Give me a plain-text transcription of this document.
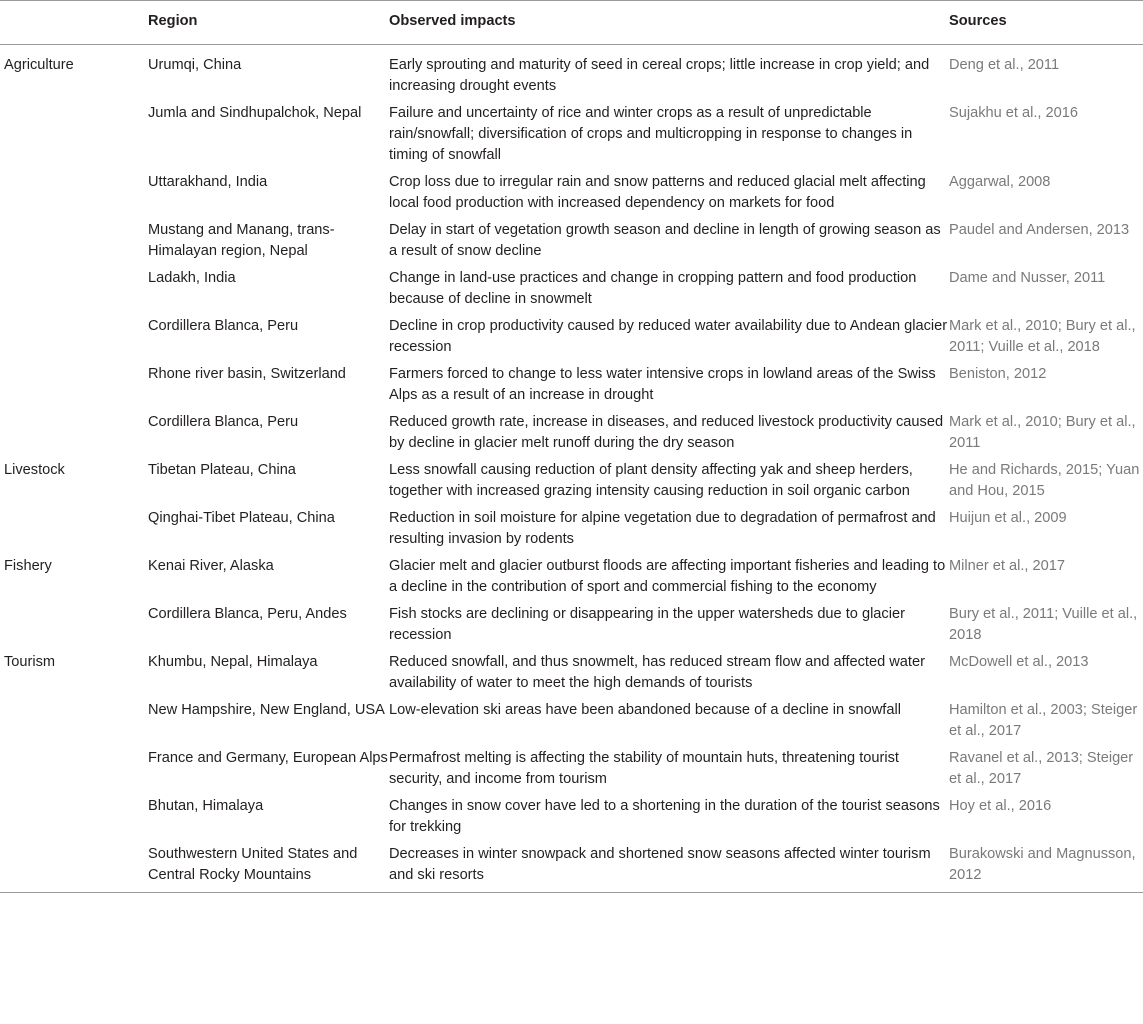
	Region	Observed impacts	Sources
Agriculture	Urumqi, China	Early sprouting and maturity of seed in cereal crops; little increase in crop yield; and increasing drought events	Deng et al., 2011
	Jumla and Sindhupalchok, Nepal	Failure and uncertainty of rice and winter crops as a result of unpredictable rain/snowfall; diversification of crops and multicropping in response to changes in timing of snowfall	Sujakhu et al., 2016
	Uttarakhand, India	Crop loss due to irregular rain and snow patterns and reduced glacial melt affecting local food production with increased dependency on markets for food	Aggarwal, 2008
	Mustang and Manang, trans-Himalayan region, Nepal	Delay in start of vegetation growth season and decline in length of growing season as a result of snow decline	Paudel and Andersen, 2013
	Ladakh, India	Change in land-use practices and change in cropping pattern and food production because of decline in snowmelt	Dame and Nusser, 2011
	Cordillera Blanca, Peru	Decline in crop productivity caused by reduced water availability due to Andean glacier recession	Mark et al., 2010; Bury et al., 2011; Vuille et al., 2018
	Rhone river basin, Switzerland	Farmers forced to change to less water intensive crops in lowland areas of the Swiss Alps as a result of an increase in drought	Beniston, 2012
	Cordillera Blanca, Peru	Reduced growth rate, increase in diseases, and reduced livestock productivity caused by decline in glacier melt runoff during the dry season	Mark et al., 2010; Bury et al., 2011
Livestock	Tibetan Plateau, China	Less snowfall causing reduction of plant density affecting yak and sheep herders, together with increased grazing intensity causing reduction in soil organic carbon	He and Richards, 2015; Yuan and Hou, 2015
	Qinghai-Tibet Plateau, China	Reduction in soil moisture for alpine vegetation due to degradation of permafrost and resulting invasion by rodents	Huijun et al., 2009
Fishery	Kenai River, Alaska	Glacier melt and glacier outburst floods are affecting important fisheries and leading to a decline in the contribution of sport and commercial fishing to the economy	Milner et al., 2017
	Cordillera Blanca, Peru, Andes	Fish stocks are declining or disappearing in the upper watersheds due to glacier recession	Bury et al., 2011; Vuille et al., 2018
Tourism	Khumbu, Nepal, Himalaya	Reduced snowfall, and thus snowmelt, has reduced stream flow and affected water availability of water to meet the high demands of tourists	McDowell et al., 2013
	New Hampshire, New England, USA	Low-elevation ski areas have been abandoned because of a decline in snowfall	Hamilton et al., 2003; Steiger et al., 2017
	France and Germany, European Alps	Permafrost melting is affecting the stability of mountain huts, threatening tourist security, and income from tourism	Ravanel et al., 2013; Steiger et al., 2017
	Bhutan, Himalaya	Changes in snow cover have led to a shortening in the duration of the tourist seasons for trekking	Hoy et al., 2016
	Southwestern United States and Central Rocky Mountains	Decreases in winter snowpack and shortened snow seasons affected winter tourism and ski resorts	Burakowski and Magnusson, 2012
